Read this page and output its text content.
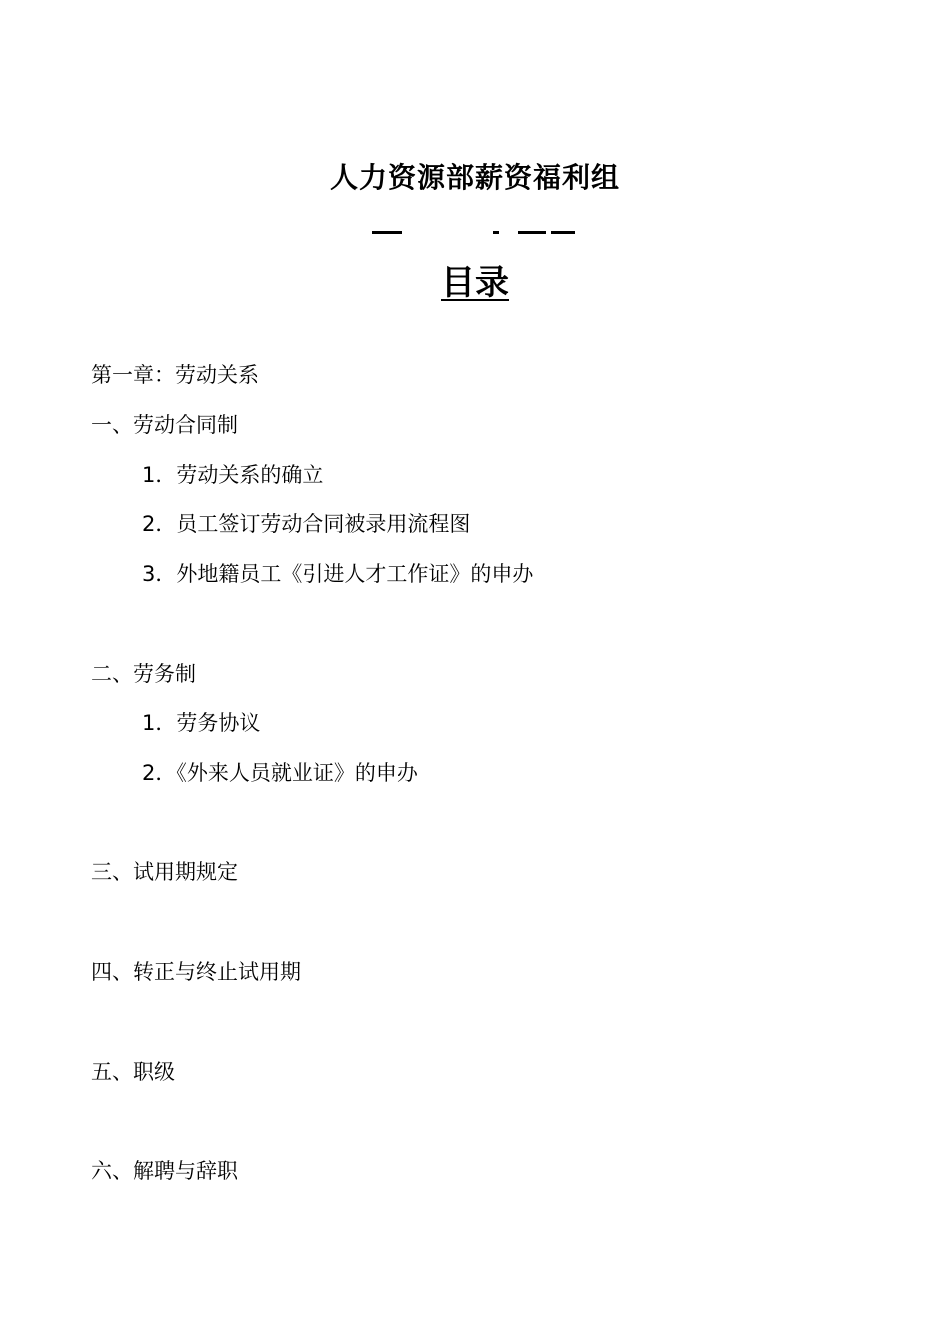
人力资源部薪资福利组
目录
第一章：劳动关系
一、劳动合同制
1．劳动关系的确立
2．员工签订劳动合同被录用流程图
3．外地籍员工《引进人才工作证》的申办
二、劳务制
1．劳务协议
2．《外来人员就业证》的申办
三、试用期规定
四、转正与终止试用期
五、职级
六、解聘与辞职
